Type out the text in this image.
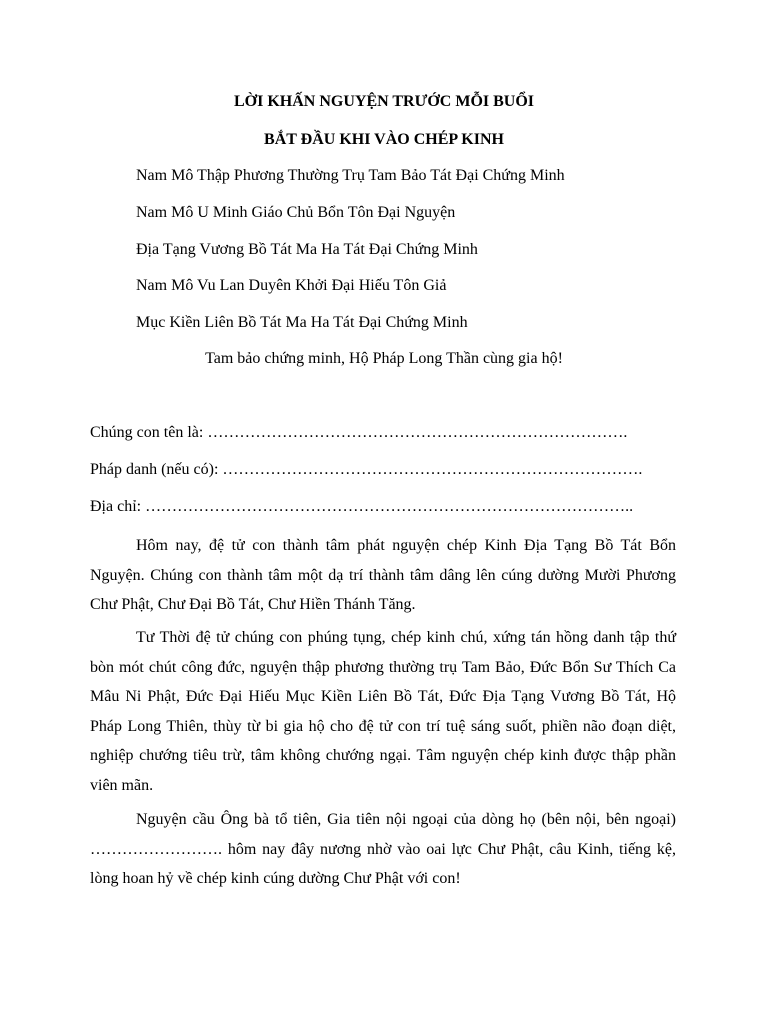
LỜI KHẤN NGUYỆN TRƯỚC MỖI BUỔI
BẮT ĐẦU KHI VÀO CHÉP KINH
Nam Mô Thập Phương Thường Trụ Tam Bảo Tát Đại Chứng Minh
Nam Mô U Minh Giáo Chủ Bổn Tôn Đại Nguyện
Địa Tạng Vương Bồ Tát Ma Ha Tát Đại Chứng Minh
Nam Mô Vu Lan Duyên Khởi Đại Hiếu Tôn Giả
Mục Kiền Liên Bồ Tát Ma Ha Tát Đại Chứng Minh
Tam bảo chứng minh, Hộ Pháp Long Thần cùng gia hộ!
Chúng con tên là: …………………………………………………………………….
Pháp danh (nếu có): …………………………………………………………………….
Địa chỉ: ………………………………………………………………………………..

Hôm nay, đệ tử con thành tâm phát nguyện chép Kinh Địa Tạng Bồ Tát Bổn Nguyện. Chúng con thành tâm một dạ trí thành tâm dâng lên cúng dường Mười Phương Chư Phật, Chư Đại Bồ Tát, Chư Hiền Thánh Tăng.

Tư Thời đệ tử chúng con phúng tụng, chép kinh chú, xứng tán hồng danh tập thứ bòn mót chút công đức, nguyện thập phương thường trụ Tam Bảo, Đức Bổn Sư Thích Ca Mâu Ni Phật, Đức Đại Hiếu Mục Kiền Liên Bồ Tát, Đức Địa Tạng Vương Bồ Tát, Hộ Pháp Long Thiên, thùy từ bi gia hộ cho đệ tử con trí tuệ sáng suốt, phiền não đoạn diệt, nghiệp chướng tiêu trừ, tâm không chướng ngại. Tâm nguyện chép kinh được thập phần viên mãn.

Nguyện cầu Ông bà tổ tiên, Gia tiên nội ngoại của dòng họ (bên nội, bên ngoại) ……………………. hôm nay đây nương nhờ vào oai lực Chư Phật, câu Kinh, tiếng kệ, lòng hoan hỷ về chép kinh cúng dường Chư Phật với con!
